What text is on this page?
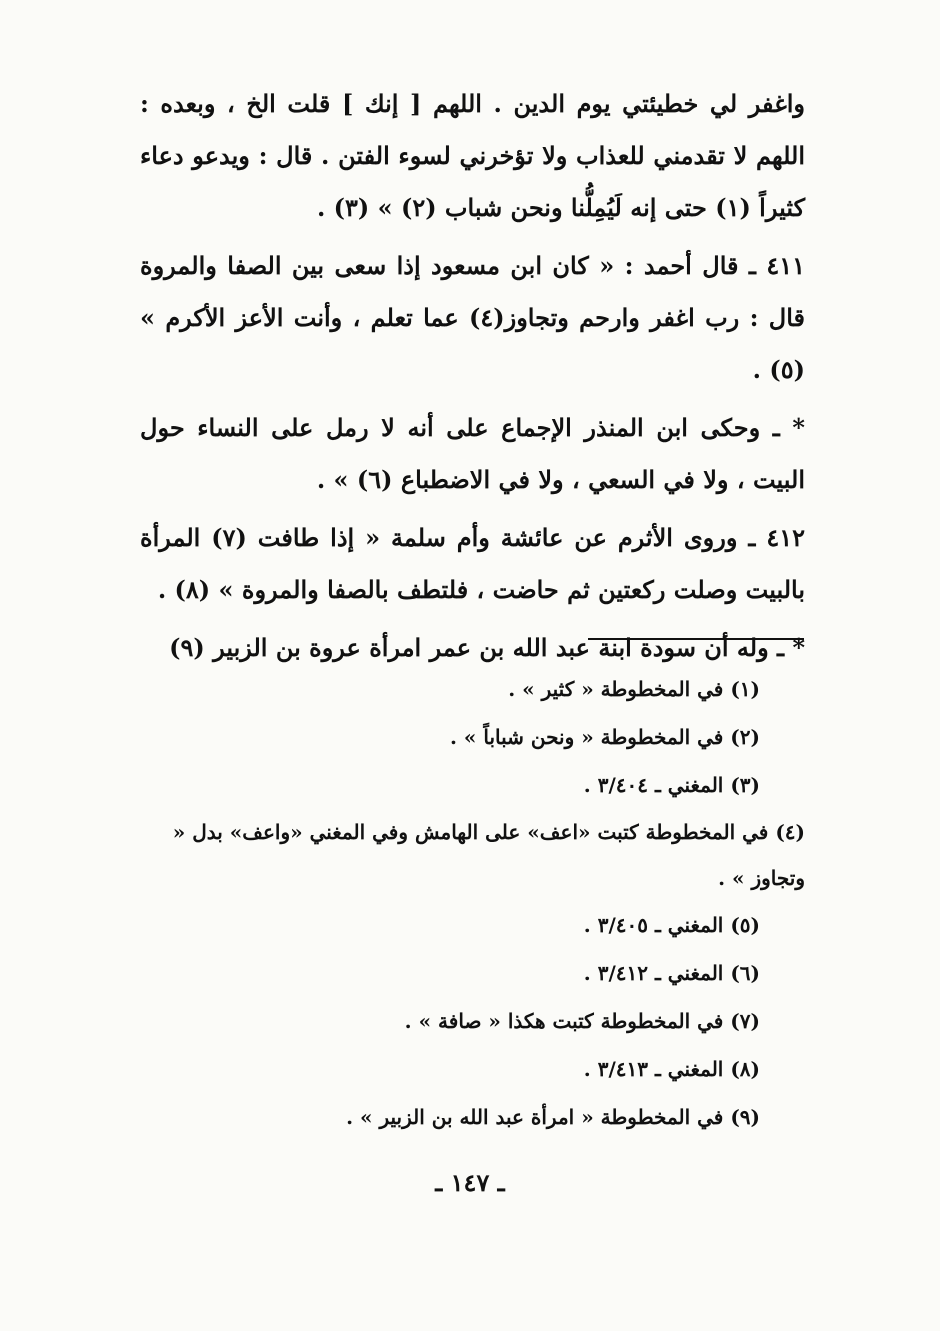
واغفر لي خطيئتي يوم الدين . اللهم [ إنك ] قلت الخ ، وبعده : اللهم لا تقدمني للعذاب ولا تؤخرني لسوء الفتن . قال : ويدعو دعاء كثيراً (١) حتى إنه لَيُمِلُّنا ونحن شباب (٢) » (٣) .

٤١١ ـ قال أحمد : « كان ابن مسعود إذا سعى بين الصفا والمروة قال : رب اغفر وارحم وتجاوز(٤) عما تعلم ، وأنت الأعز الأكرم » (٥) .

* ـ وحكى ابن المنذر الإجماع على أنه لا رمل على النساء حول البيت ، ولا في السعي ، ولا في الاضطباع (٦) » .

٤١٢ ـ وروى الأثرم عن عائشة وأم سلمة « إذا طافت (٧) المرأة بالبيت وصلت ركعتين ثم حاضت ، فلتطف بالصفا والمروة » (٨) .

* ـ وله أن سودة ابنة عبد الله بن عمر امرأة عروة بن الزبير (٩)

(١) في المخطوطة « كثير » .
(٢) في المخطوطة « ونحن شباباً » .
(٣) المغني ـ ٣/٤٠٤ .
(٤) في المخطوطة كتبت «اعف» على الهامش وفي المغني «واعف» بدل « وتجاوز » .
(٥) المغني ـ ٣/٤٠٥ .
(٦) المغني ـ ٣/٤١٢ .
(٧) في المخطوطة كتبت هكذا « صافة » .
(٨) المغني ـ ٣/٤١٣ .
(٩) في المخطوطة « امرأة عبد الله بن الزبير » .
ـ ١٤٧ ـ
